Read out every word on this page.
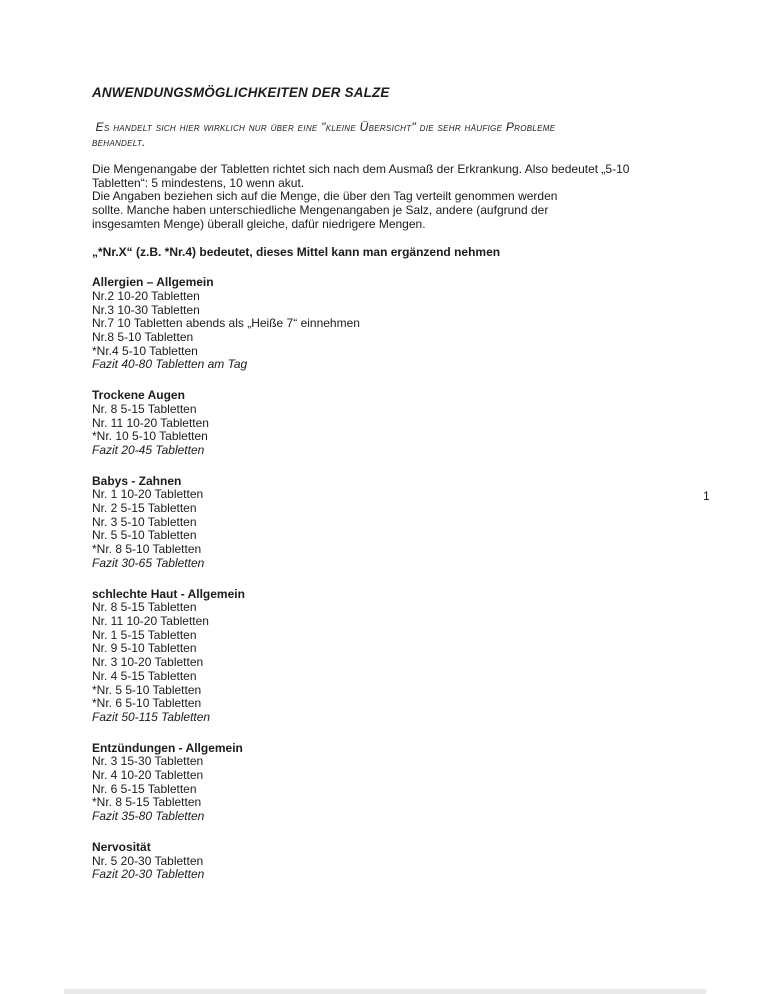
ANWENDUNGSMÖGLICHKEITEN DER SALZE
Es handelt sich hier wirklich nur über eine "kleine Übersicht" die sehr häufige Probleme
behandelt.
Die Mengenangabe der Tabletten richtet sich nach dem Ausmaß der Erkrankung. Also bedeutet „5-10
Tabletten“: 5 mindestens, 10 wenn akut.
Die Angaben beziehen sich auf die Menge, die über den Tag verteilt genommen werden
sollte. Manche haben unterschiedliche Mengenangaben je Salz, andere (aufgrund der
insgesamten Menge) überall gleiche, dafür niedrigere Mengen.
„*Nr.X“ (z.B. *Nr.4) bedeutet, dieses Mittel kann man ergänzend nehmen
Allergien – Allgemein
Nr.2 10-20 Tabletten
Nr.3 10-30 Tabletten
Nr.7 10 Tabletten abends als „Heiße 7“ einnehmen
Nr.8 5-10 Tabletten
*Nr.4 5-10 Tabletten
Fazit 40-80 Tabletten am Tag
Trockene Augen
Nr. 8 5-15 Tabletten
Nr. 11 10-20 Tabletten
*Nr. 10 5-10 Tabletten
Fazit 20-45 Tabletten
Babys - Zahnen
Nr. 1 10-20 Tabletten
Nr. 2 5-15 Tabletten
Nr. 3 5-10 Tabletten
Nr. 5 5-10 Tabletten
*Nr. 8 5-10 Tabletten
Fazit 30-65 Tabletten
schlechte Haut - Allgemein
Nr. 8 5-15 Tabletten
Nr. 11 10-20 Tabletten
Nr. 1 5-15 Tabletten
Nr. 9 5-10 Tabletten
Nr. 3 10-20 Tabletten
Nr. 4 5-15 Tabletten
*Nr. 5 5-10 Tabletten
*Nr. 6 5-10 Tabletten
Fazit 50-115 Tabletten
Entzündungen - Allgemein
Nr. 3 15-30 Tabletten
Nr. 4 10-20 Tabletten
Nr. 6 5-15 Tabletten
*Nr. 8 5-15 Tabletten
Fazit 35-80 Tabletten
Nervosität
Nr. 5 20-30 Tabletten
Fazit 20-30 Tabletten
1
